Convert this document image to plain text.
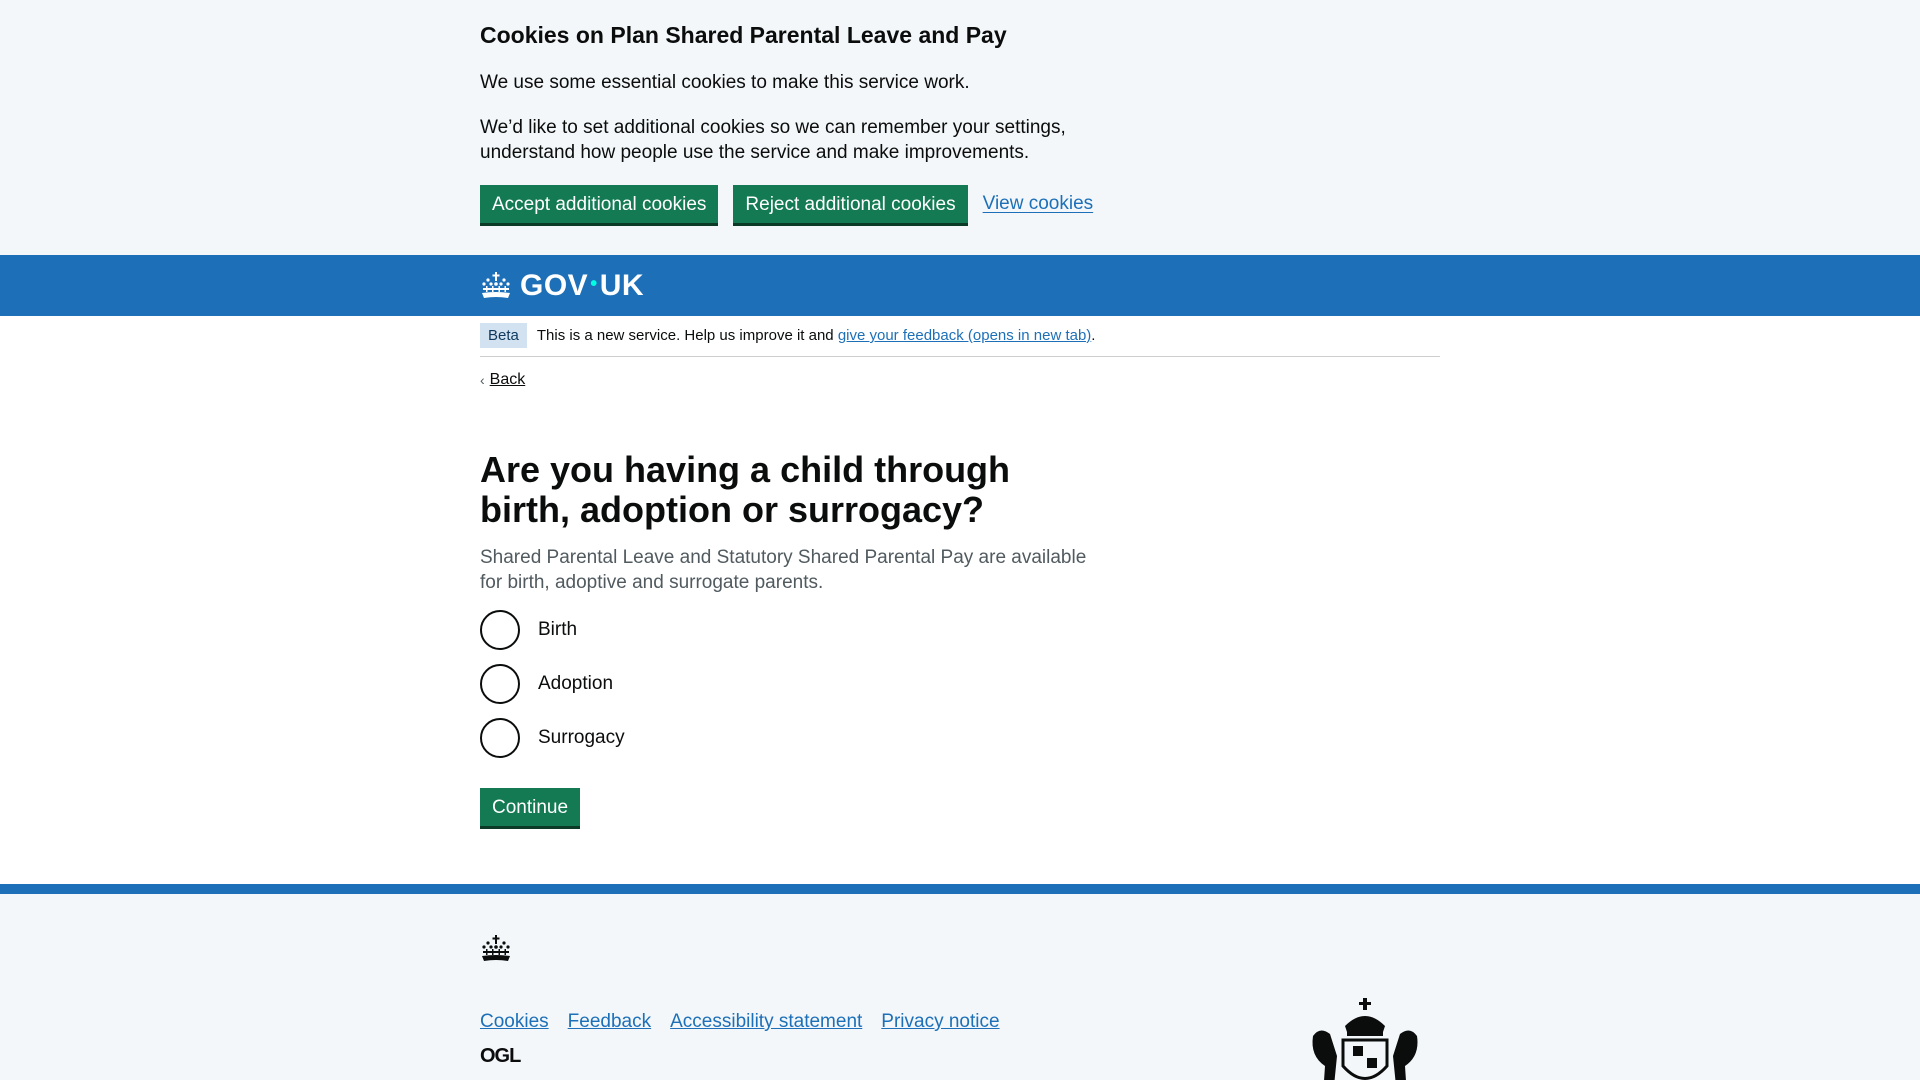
Cookies on Plan Shared Parental Leave and Pay

We use some essential cookies to make this service work.

We’d like to set additional cookies so we can remember your settings, understand how people use the service and make improvements.

Accept additional cookies	Reject additional cookies	View cookies
GOV • UK
Beta	This is a new service. Help us improve it and give your feedback (opens in new tab).
‹ Back
Are you having a child through birth, adoption or surrogacy?

Shared Parental Leave and Statutory Shared Parental Pay are available for birth, adoptive and surrogate parents.

Birth
Adoption
Surrogacy
Continue
Cookies Feedback Accessibility statement Privacy notice
OGL
